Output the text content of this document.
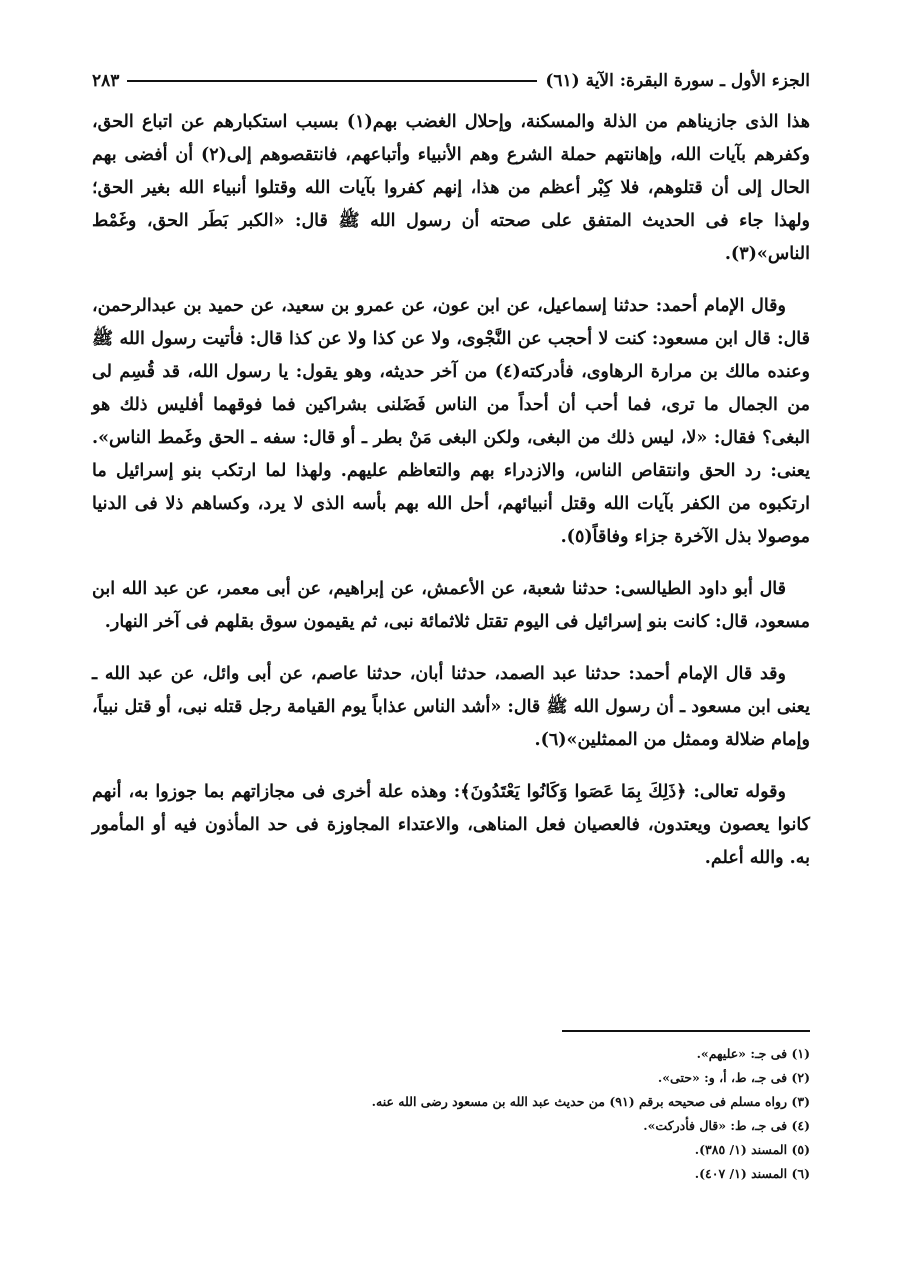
الجزء الأول ـ سورة البقرة: الآية (٦١)
٢٨٣

هذا الذى جازيناهم من الذلة والمسكنة، وإحلال الغضب بهم(١) بسبب استكبارهم عن اتباع الحق، وكفرهم بآيات الله، وإهانتهم حملة الشرع وهم الأنبياء وأتباعهم، فانتقصوهم إلى(٢) أن أفضى بهم الحال إلى أن قتلوهم، فلا كِبْر أعظم من هذا، إنهم كفروا بآيات الله وقتلوا أنبياء الله بغير الحق؛ ولهذا جاء فى الحديث المتفق على صحته أن رسول الله ﷺ قال: «الكبر بَطَر الحق، وغَمْط الناس»(٣).

وقال الإمام أحمد: حدثنا إسماعيل، عن ابن عون، عن عمرو بن سعيد، عن حميد بن عبدالرحمن، قال: قال ابن مسعود: كنت لا أحجب عن النَّجْوى، ولا عن كذا ولا عن كذا قال: فأتيت رسول الله ﷺ وعنده مالك بن مرارة الرهاوى، فأدركته(٤) من آخر حديثه، وهو يقول: يا رسول الله، قد قُسِم لى من الجمال ما ترى، فما أحب أن أحداً من الناس فَضَلنى بشراكين فما فوقهما أفليس ذلك هو البغى؟ فقال: «لا، ليس ذلك من البغى، ولكن البغى مَنْ بطر ـ أو قال: سفه ـ الحق وغَمط الناس». يعنى: رد الحق وانتقاص الناس، والازدراء بهم والتعاظم عليهم. ولهذا لما ارتكب بنو إسرائيل ما ارتكبوه من الكفر بآيات الله وقتل أنبيائهم، أحل الله بهم بأسه الذى لا يرد، وكساهم ذلا فى الدنيا موصولا بذل الآخرة جزاء وفاقاً(٥).

قال أبو داود الطيالسى: حدثنا شعبة، عن الأعمش، عن إبراهيم، عن أبى معمر، عن عبد الله ابن مسعود، قال: كانت بنو إسرائيل فى اليوم تقتل ثلاثمائة نبى، ثم يقيمون سوق بقلهم فى آخر النهار.

وقد قال الإمام أحمد: حدثنا عبد الصمد، حدثنا أبان، حدثنا عاصم، عن أبى وائل، عن عبد الله ـ يعنى ابن مسعود ـ أن رسول الله ﷺ قال: «أشد الناس عذاباً يوم القيامة رجل قتله نبى، أو قتل نبياً، وإمام ضلالة وممثل من الممثلين»(٦).

وقوله تعالى: ﴿ذَلِكَ بِمَا عَصَوا وَكَانُوا يَعْتَدُونَ﴾: وهذه علة أخرى فى مجازاتهم بما جوزوا به، أنهم كانوا يعصون ويعتدون، فالعصيان فعل المناهى، والاعتداء المجاوزة فى حد المأذون فيه أو المأمور به. والله أعلم.

(١) فى جـ: «عليهم».
(٢) فى جـ، ط، أ، و: «حتى».
(٣) رواه مسلم فى صحيحه برقم (٩١) من حديث عبد الله بن مسعود رضى الله عنه.
(٤) فى جـ، ط: «قال فأدركت».
(٥) المسند (١/ ٣٨٥).
(٦) المسند (١/ ٤٠٧).
